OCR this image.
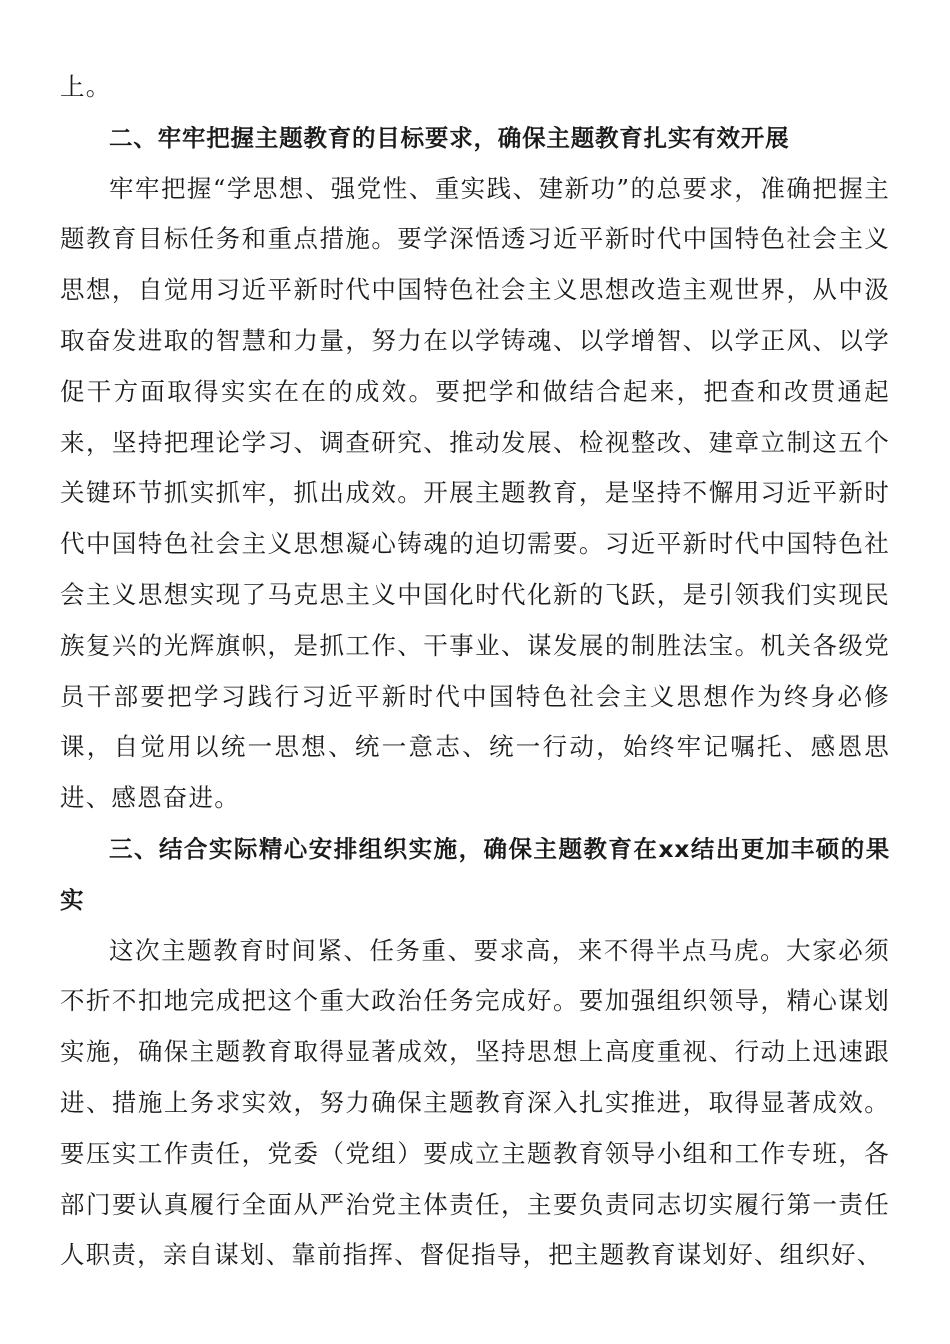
上。

二、牢牢把握主题教育的目标要求，确保主题教育扎实有效开展

牢牢把握“学思想、强党性、重实践、建新功”的总要求，准确把握主题教育目标任务和重点措施。要学深悟透习近平新时代中国特色社会主义思想，自觉用习近平新时代中国特色社会主义思想改造主观世界，从中汲取奋发进取的智慧和力量，努力在以学铸魂、以学增智、以学正风、以学促干方面取得实实在在的成效。要把学和做结合起来，把查和改贯通起来，坚持把理论学习、调查研究、推动发展、检视整改、建章立制这五个关键环节抓实抓牢，抓出成效。开展主题教育，是坚持不懈用习近平新时代中国特色社会主义思想凝心铸魂的迫切需要。习近平新时代中国特色社会主义思想实现了马克思主义中国化时代化新的飞跃，是引领我们实现民族复兴的光辉旗帜，是抓工作、干事业、谋发展的制胜法宝。机关各级党员干部要把学习践行习近平新时代中国特色社会主义思想作为终身必修课，自觉用以统一思想、统一意志、统一行动，始终牢记嘱托、感恩思进、感恩奋进。

三、结合实际精心安排组织实施，确保主题教育在xx结出更加丰硕的果实

这次主题教育时间紧、任务重、要求高，来不得半点马虎。大家必须不折不扣地完成把这个重大政治任务完成好。要加强组织领导，精心谋划实施，确保主题教育取得显著成效，坚持思想上高度重视、行动上迅速跟进、措施上务求实效，努力确保主题教育深入扎实推进，取得显著成效。要压实工作责任，党委（党组）要成立主题教育领导小组和工作专班，各部门要认真履行全面从严治党主体责任，主要负责同志切实履行第一责任人职责，亲自谋划、靠前指挥、督促指导，把主题教育谋划好、组织好、
